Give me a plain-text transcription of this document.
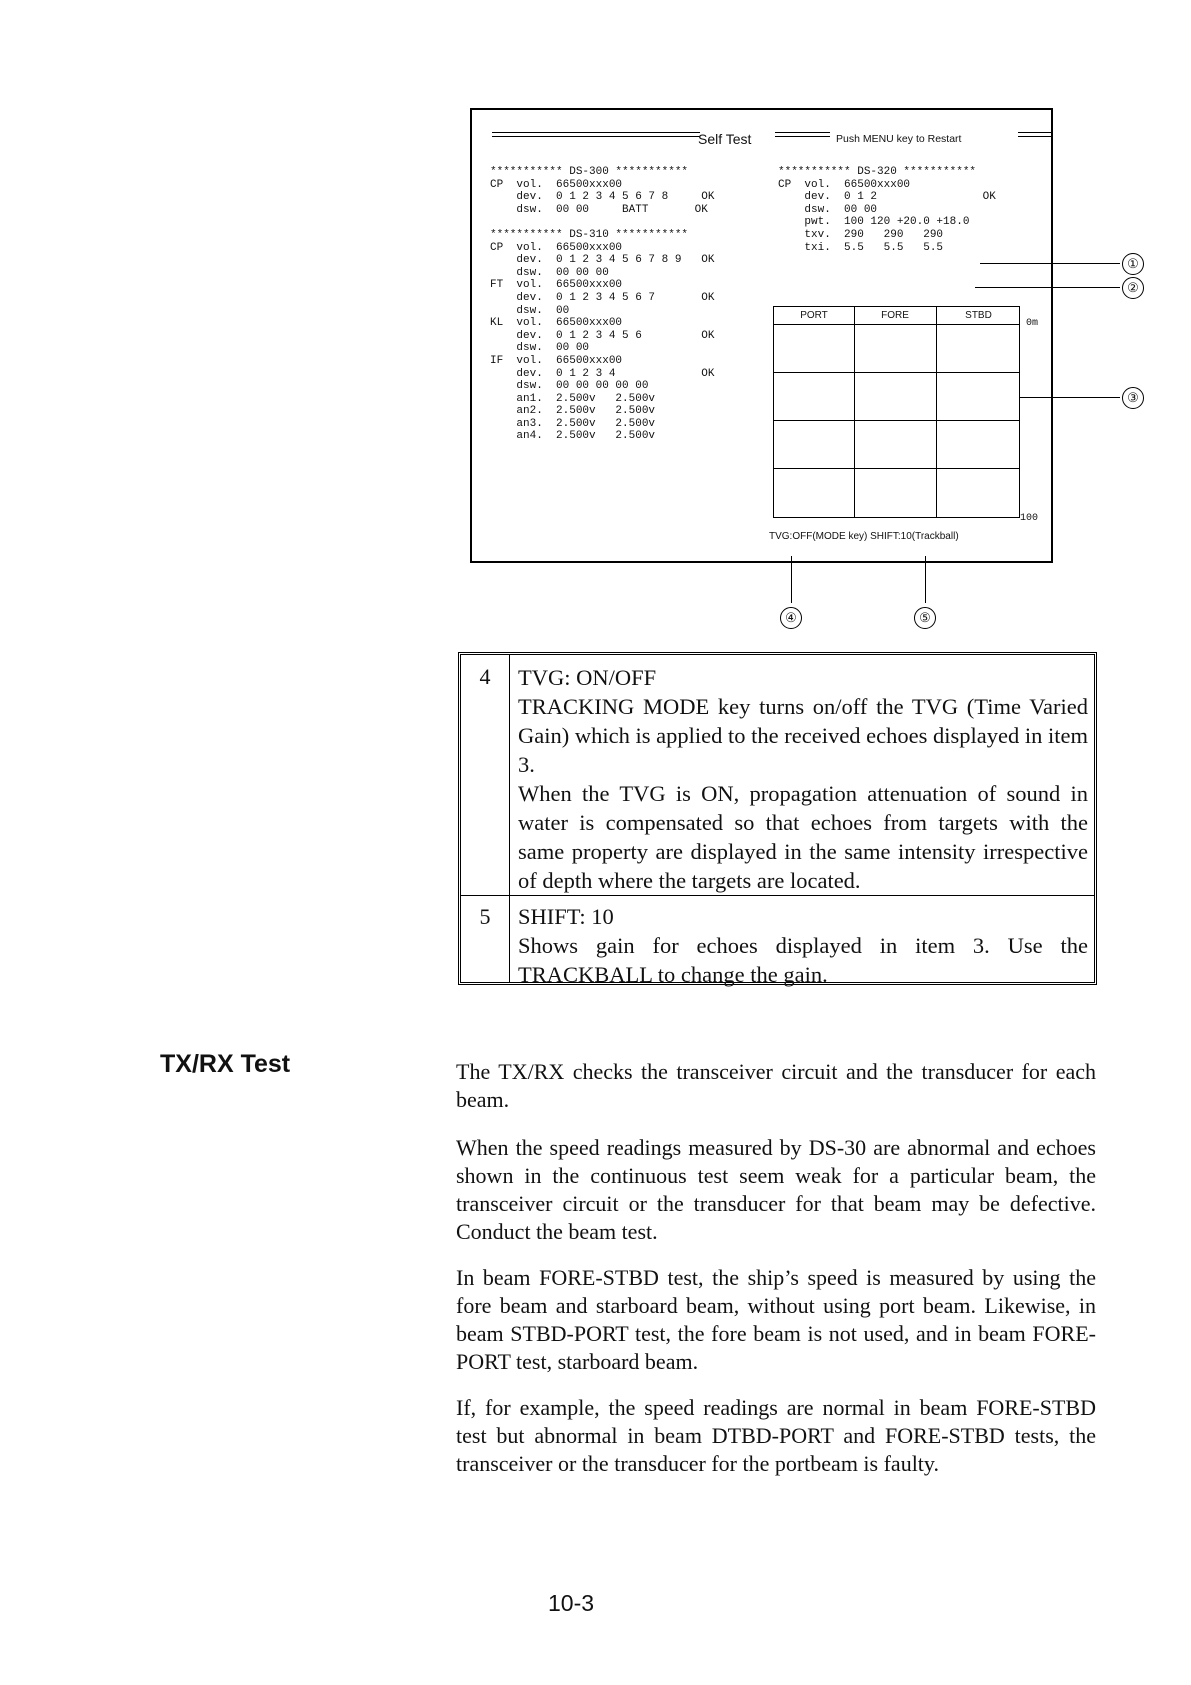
Self Test	Push MENU key to Restart
*********** DS-300 ***********
CP  vol.  66500xxx00
dev.  0 1 2 3 4 5 6 7 8     OK
dsw.  00 00     BATT       OK

*********** DS-310 ***********
CP  vol.  66500xxx00
dev.  0 1 2 3 4 5 6 7 8 9   OK
dsw.  00 00 00
FT  vol.  66500xxx00
dev.  0 1 2 3 4 5 6 7       OK
dsw.  00
KL  vol.  66500xxx00
dev.  0 1 2 3 4 5 6         OK
dsw.  00 00
IF  vol.  66500xxx00
dev.  0 1 2 3 4             OK
dsw.  00 00 00 00 00
an1.  2.500v   2.500v
an2.  2.500v   2.500v
an3.  2.500v   2.500v
an4.  2.500v   2.500v
*********** DS-320 ***********
CP  vol.  66500xxx00
dev.  0 1 2                OK
dsw.  00 00
pwt.  100 120 +20.0 +18.0
txv.  290   290   290
txi.  5.5   5.5   5.5
PORT	FORE	STBD
0m
100
TVG:OFF(MODE key) SHIFT:10(Trackball)
①
②
③
④	⑤
4	TVG: ON/OFF
TRACKING MODE key turns on/off the TVG (Time Varied Gain) which is applied to the received echoes displayed in item 3.
When the TVG is ON, propagation attenuation of sound in water is compensated so that echoes from targets with the same property are displayed in the same intensity irrespective of depth where the targets are located.
5	SHIFT: 10
Shows gain for echoes displayed in item 3. Use the TRACKBALL to change the gain.
TX/RX Test	The TX/RX checks the transceiver circuit and the transducer for each beam.
When the speed readings measured by DS-30 are abnormal and echoes shown in the continuous test seem weak for a particular beam, the transceiver circuit or the transducer for that beam may be defective. Conduct the beam test.
In beam FORE-STBD test, the ship’s speed is measured by using the fore beam and starboard beam, without using port beam. Likewise, in beam STBD-PORT test, the fore beam is not used, and in beam FORE-PORT test, starboard beam.
If, for example, the speed readings are normal in beam FORE-STBD test but abnormal in beam DTBD-PORT and FORE-STBD tests, the transceiver or the transducer for the portbeam is faulty.
10-3
